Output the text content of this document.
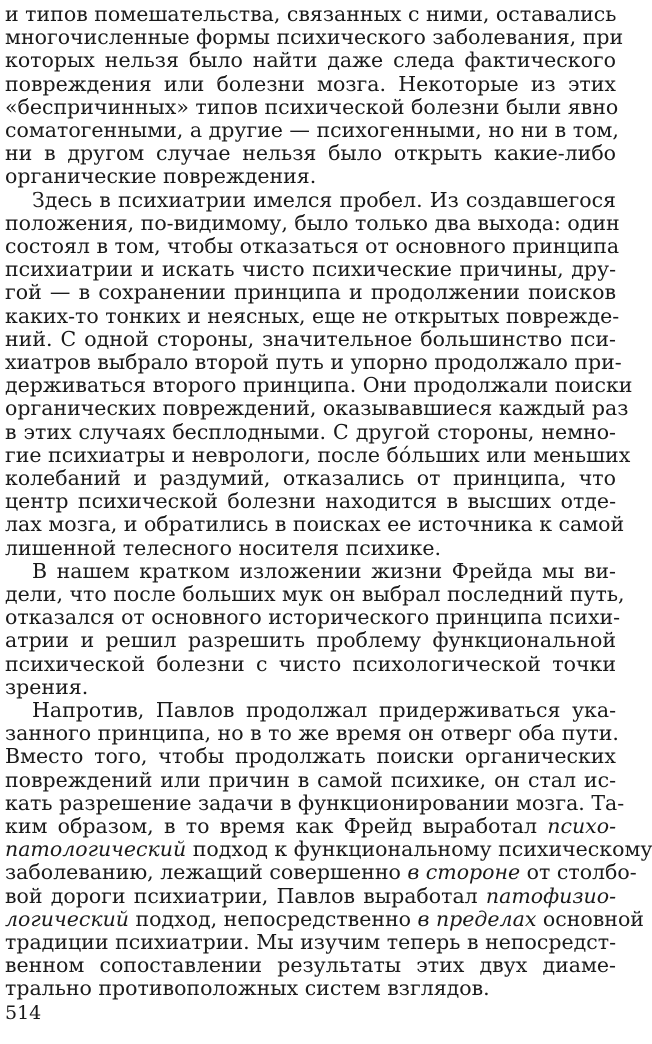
и типов помешательства, связанных с ними, оставались
многочисленные формы психического заболевания, при
которых нельзя было найти даже следа фактического
повреждения или болезни мозга. Некоторые из этих
«беспричинных» типов психической болезни были явно
соматогенными, а другие — психогенными, но ни в том,
ни в другом случае нельзя было открыть какие-либо
органические повреждения.
Здесь в психиатрии имелся пробел. Из создавшегося
положения, по-видимому, было только два выхода: один
состоял в том, чтобы отказаться от основного принципа
психиатрии и искать чисто психические причины, дру-
гой — в сохранении принципа и продолжении поисков
каких-то тонких и неясных, еще не открытых поврежде-
ний. С одной стороны, значительное большинство пси-
хиатров выбрало второй путь и упорно продолжало при-
держиваться второго принципа. Они продолжали поиски
органических повреждений, оказывавшиеся каждый раз
в этих случаях бесплодными. С другой стороны, немно-
гие психиатры и неврологи, после бо́льших или меньших
колебаний и раздумий, отказались от принципа, что
центр психической болезни находится в высших отде-
лах мозга, и обратились в поисках ее источника к самой
лишенной телесного носителя психике.
В нашем кратком изложении жизни Фрейда мы ви-
дели, что после больших мук он выбрал последний путь,
отказался от основного исторического принципа психи-
атрии и решил разрешить проблему функциональной
психической болезни с чисто психологической точки
зрения.
Напротив, Павлов продолжал придерживаться ука-
занного принципа, но в то же время он отверг оба пути.
Вместо того, чтобы продолжать поиски органических
повреждений или причин в самой психике, он стал ис-
кать разрешение задачи в функционировании мозга. Та-
ким образом, в то время как Фрейд выработал психо-
патологический подход к функциональному психическому
заболеванию, лежащий совершенно в стороне от столбо-
вой дороги психиатрии, Павлов выработал патофизио-
логический подход, непосредственно в пределах основной
традиции психиатрии. Мы изучим теперь в непосредст-
венном сопоставлении результаты этих двух диаме-
трально противоположных систем взглядов.
514
